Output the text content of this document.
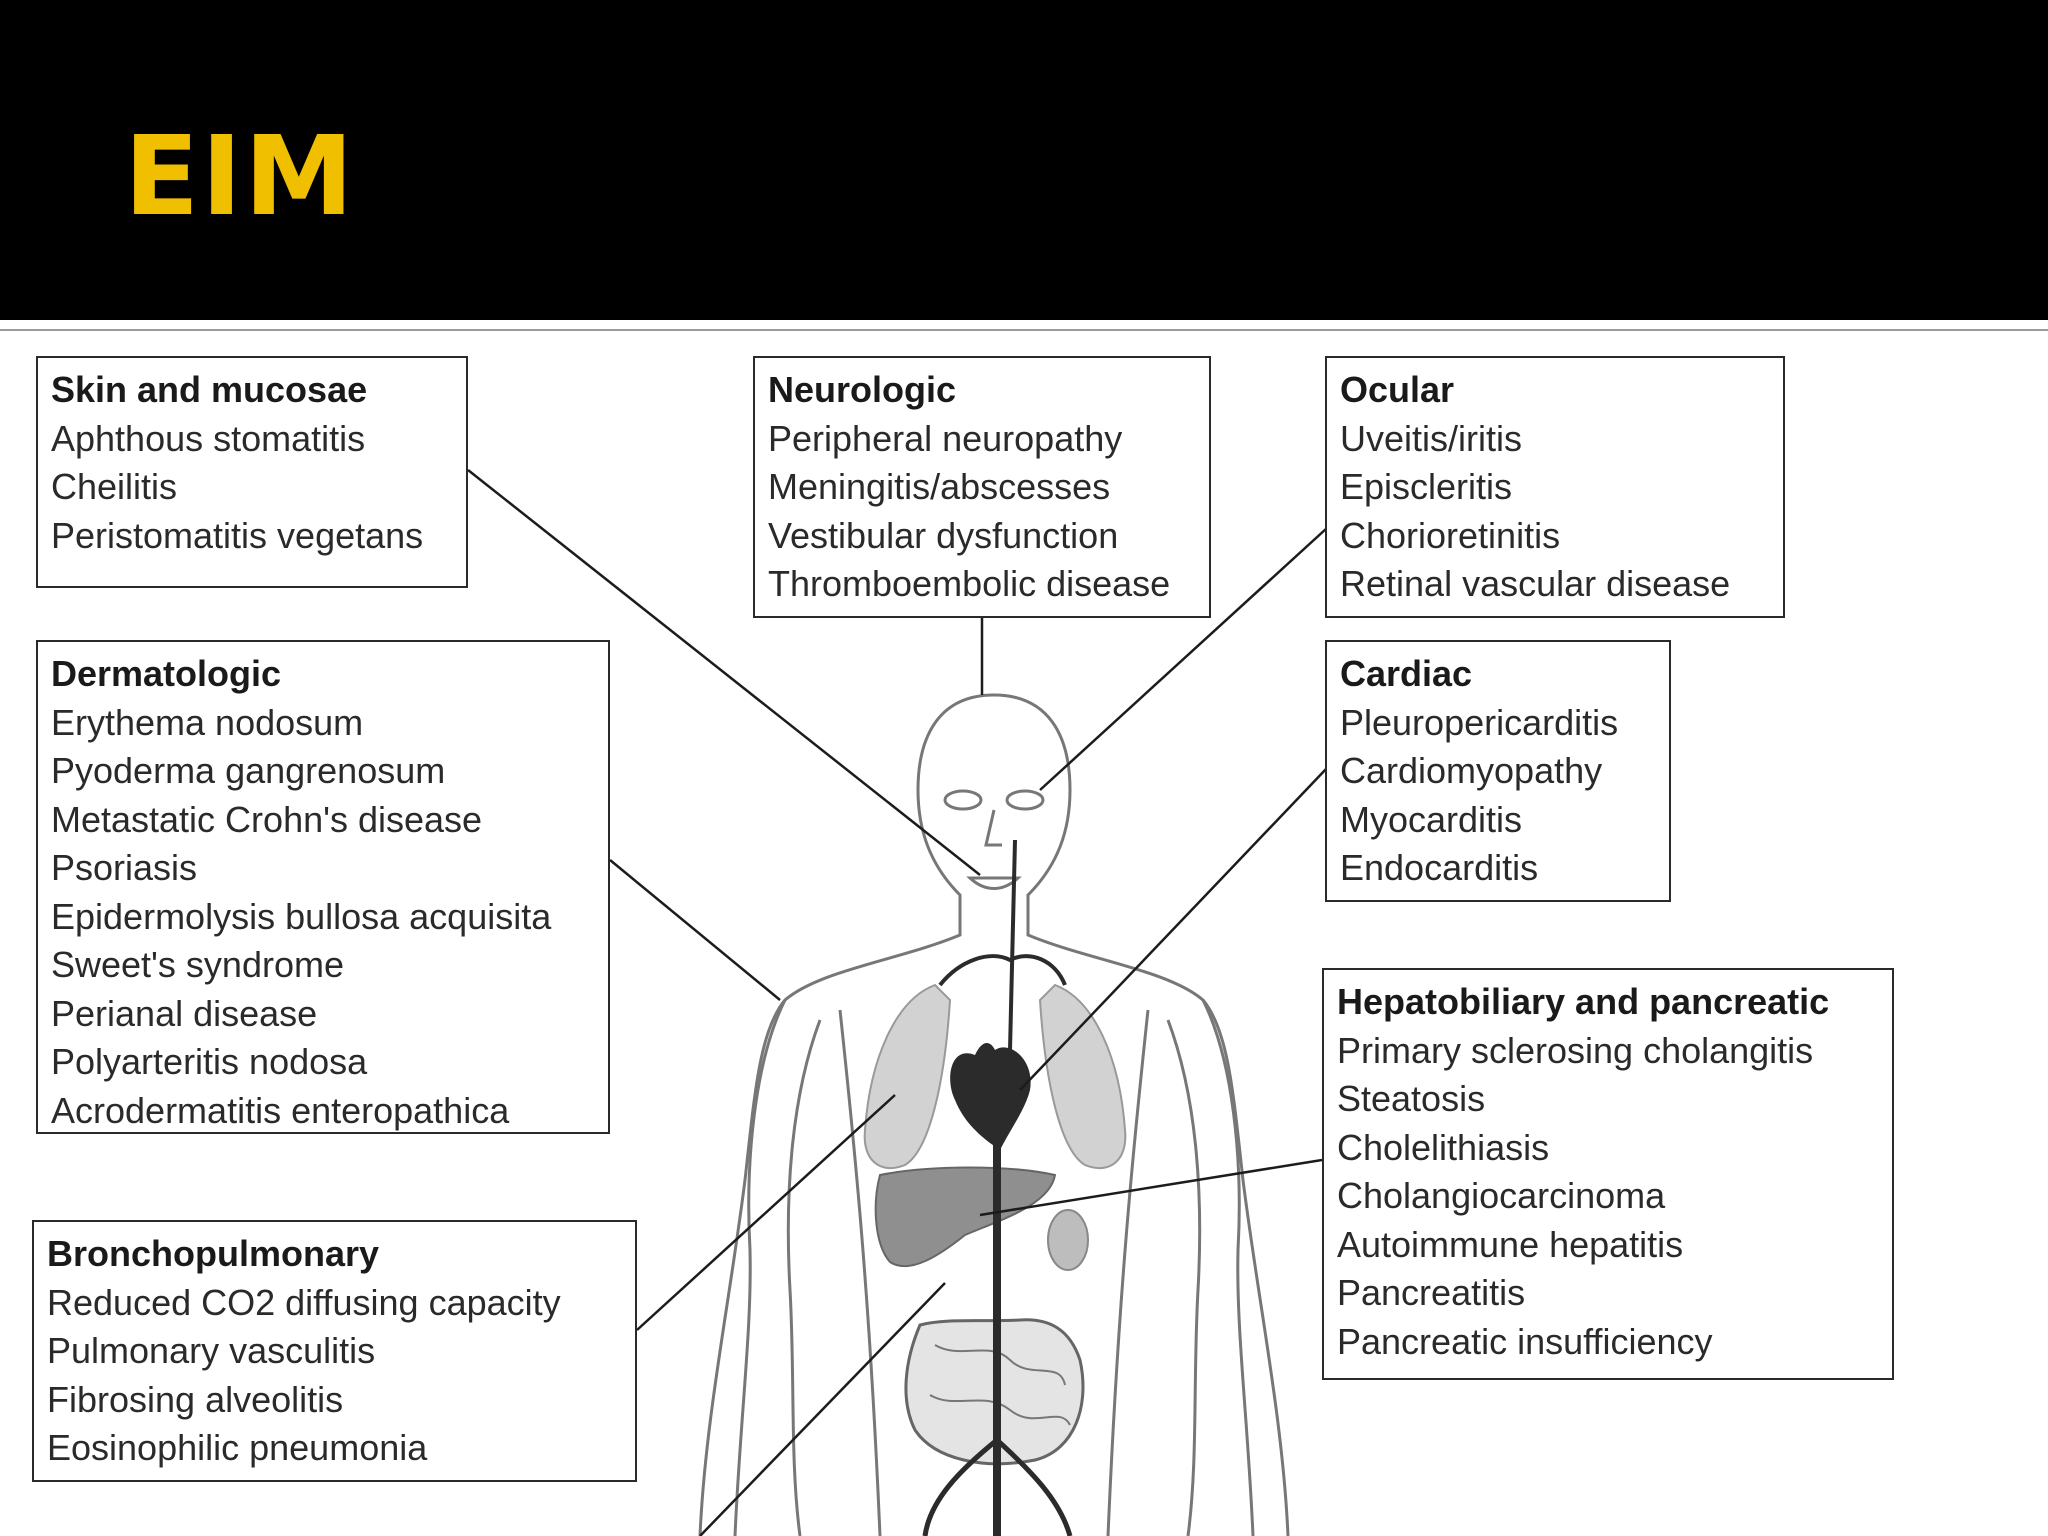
EIM
Skin and mucosae
Aphthous stomatitis
Cheilitis
Peristomatitis vegetans
Neurologic
Peripheral neuropathy
Meningitis/abscesses
Vestibular dysfunction
Thromboembolic disease
Ocular
Uveitis/iritis
Episcleritis
Chorioretinitis
Retinal vascular disease
Dermatologic
Erythema nodosum
Pyoderma gangrenosum
Metastatic Crohn's disease
Psoriasis
Epidermolysis bullosa acquisita
Sweet's syndrome
Perianal disease
Polyarteritis nodosa
Acrodermatitis enteropathica
Cardiac
Pleuropericarditis
Cardiomyopathy
Myocarditis
Endocarditis
Hepatobiliary and pancreatic
Primary sclerosing cholangitis
Steatosis
Cholelithiasis
Cholangiocarcinoma
Autoimmune hepatitis
Pancreatitis
Pancreatic insufficiency
Bronchopulmonary
Reduced CO2 diffusing capacity
Pulmonary vasculitis
Fibrosing alveolitis
Eosinophilic pneumonia
